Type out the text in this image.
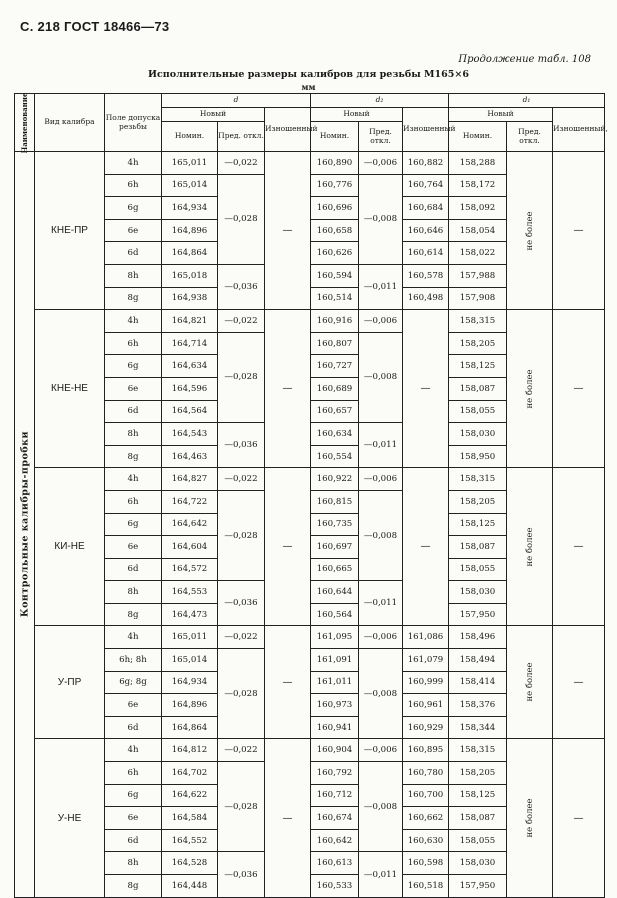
С. 218 ГОСТ 18466—73
Продолжение табл. 108
Исполнительные размеры калибров для резьбы М165×6
мм
Наименование	Вид калибра	Поле допуска резьбы	d			d₂			d₁		
			Новый		Изношенный	Новый		Изношенный	Новый		Изношенный,
			Номин.	Пред. откл.		Номин.	Пред. откл.		Номин.	Пред. откл.	

Контрольные калибры-пробки	КНЕ-ПР	4h	165,011	—0,022	—	160,890	—0,006	160,882	158,288	не более	—
		6h	165,014	—0,028		160,776	—0,008	160,764	158,172		
		6g	164,934			160,696		160,684	158,092		
		6e	164,896			160,658		160,646	158,054		
		6d	164,864			160,626		160,614	158,022		
		8h	165,018	—0,036		160,594	—0,011	160,578	157,988		
		8g	164,938			160,514		160,498	157,908		
	КНЕ-НЕ	4h	164,821	—0,022	—	160,916	—0,006	—	158,315	не более	—
		6h	164,714	—0,028		160,807	—0,008		158,205		
		6g	164,634			160,727			158,125		
		6e	164,596			160,689			158,087		
		6d	164,564			160,657			158,055		
		8h	164,543	—0,036		160,634	—0,011		158,030		
		8g	164,463			160,554			158,950		
	КИ-НЕ	4h	164,827	—0,022	—	160,922	—0,006	—	158,315	не более	—
		6h	164,722	—0,028		160,815	—0,008		158,205		
		6g	164,642			160,735			158,125		
		6e	164,604			160,697			158,087		
		6d	164,572			160,665			158,055		
		8h	164,553	—0,036		160,644	—0,011		158,030		
		8g	164,473			160,564			157,950		
	У-ПР	4h	165,011	—0,022	—	161,095	—0,006	161,086	158,496	не более	—
		6h; 8h	165,014	—0,028		161,091	—0,008	161,079	158,494		
		6g; 8g	164,934			161,011		160,999	158,414		
		6e	164,896			160,973		160,961	158,376		
		6d	164,864			160,941		160,929	158,344		
	У-НЕ	4h	164,812	—0,022	—	160,904	—0,006	160,895	158,315	не более	—
		6h	164,702	—0,028		160,792	—0,008	160,780	158,205		
		6g	164,622			160,712		160,700	158,125		
		6e	164,584			160,674		160,662	158,087		
		6d	164,552			160,642		160,630	158,055		
		8h	164,528	—0,036		160,613	—0,011	160,598	158,030		
		8g	164,448			160,533		160,518	157,950		
